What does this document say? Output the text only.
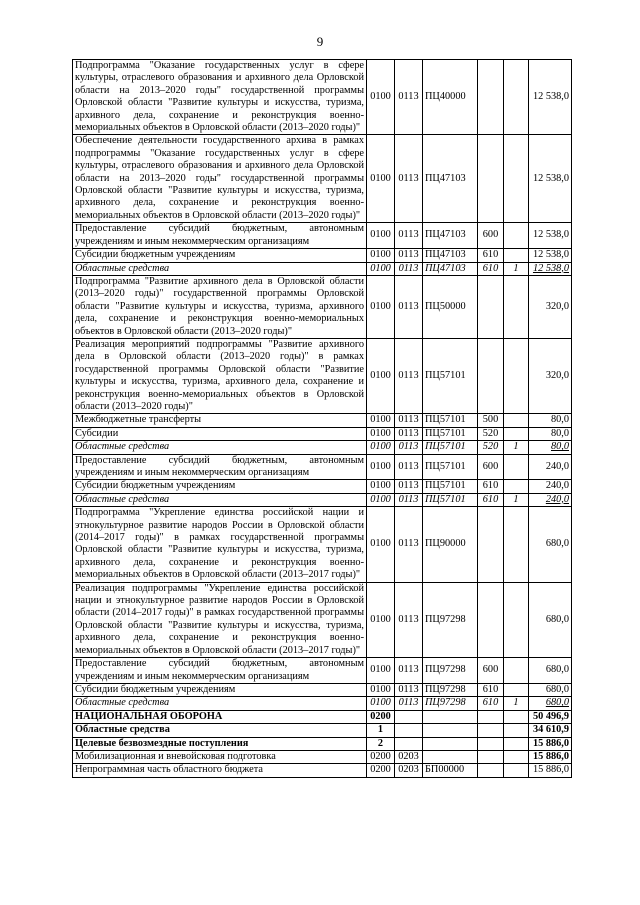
9
Подпрограмма "Оказание государственных услуг в сфере культуры, отраслевого образования и архивного дела Орловской области на 2013–2020 годы" государственной программы Орловской области "Развитие культуры и искусства, туризма, архивного дела, сохранение и реконструкция военно-мемориальных объектов в Орловской области (2013–2020 годы)"	0100	0113	ПЦ40000			12 538,0
Обеспечение деятельности государственного архива в рамках подпрограммы "Оказание государственных услуг в сфере культуры, отраслевого образования и архивного дела Орловской области на 2013–2020 годы" государственной программы Орловской области "Развитие культуры и искусства, туризма, архивного дела, сохранение и реконструкция военно-мемориальных объектов в Орловской области (2013–2020 годы)"	0100	0113	ПЦ47103			12 538,0
Предоставление субсидий бюджетным, автономным учреждениям и иным некоммерческим организациям	0100	0113	ПЦ47103	600		12 538,0
Субсидии бюджетным учреждениям	0100	0113	ПЦ47103	610		12 538,0
Областные средства	0100	0113	ПЦ47103	610	1	12 538,0
Подпрограмма "Развитие архивного дела в Орловской области (2013–2020 годы)" государственной программы Орловской области "Развитие культуры и искусства, туризма, архивного дела, сохранение и реконструкция военно-мемориальных объектов в Орловской области (2013–2020 годы)"	0100	0113	ПЦ50000			320,0
Реализация мероприятий подпрограммы "Развитие архивного дела в Орловской области (2013–2020 годы)" в рамках государственной программы Орловской области "Развитие культуры и искусства, туризма, архивного дела, сохранение и реконструкция военно-мемориальных объектов в Орловской области (2013–2020 годы)"	0100	0113	ПЦ57101			320,0
Межбюджетные трансферты	0100	0113	ПЦ57101	500		80,0
Субсидии	0100	0113	ПЦ57101	520		80,0
Областные средства	0100	0113	ПЦ57101	520	1	80,0
Предоставление субсидий бюджетным, автономным учреждениям и иным некоммерческим организациям	0100	0113	ПЦ57101	600		240,0
Субсидии бюджетным учреждениям	0100	0113	ПЦ57101	610		240,0
Областные средства	0100	0113	ПЦ57101	610	1	240,0
Подпрограмма "Укрепление единства российской нации и этнокультурное развитие народов России в Орловской области (2014–2017 годы)" в рамках государственной программы Орловской области "Развитие культуры и искусства, туризма, архивного дела, сохранение и реконструкция военно-мемориальных объектов в Орловской области (2013–2017 годы)"	0100	0113	ПЦ90000			680,0
Реализация подпрограммы "Укрепление единства российской нации и этнокультурное развитие народов России в Орловской области (2014–2017 годы)" в рамках государственной программы Орловской области "Развитие культуры и искусства, туризма, архивного дела, сохранение и реконструкция военно-мемориальных объектов в Орловской области (2013–2017 годы)"	0100	0113	ПЦ97298			680,0
Предоставление субсидий бюджетным, автономным учреждениям и иным некоммерческим организациям	0100	0113	ПЦ97298	600		680,0
Субсидии бюджетным учреждениям	0100	0113	ПЦ97298	610		680,0
Областные средства	0100	0113	ПЦ97298	610	1	680,0
НАЦИОНАЛЬНАЯ ОБОРОНА	0200					50 496,9
Областные средства	1					34 610,9
Целевые безвозмездные поступления	2					15 886,0
Мобилизационная и вневойсковая подготовка	0200	0203				15 886,0
Непрограммная часть областного бюджета	0200	0203	БП00000			15 886,0
